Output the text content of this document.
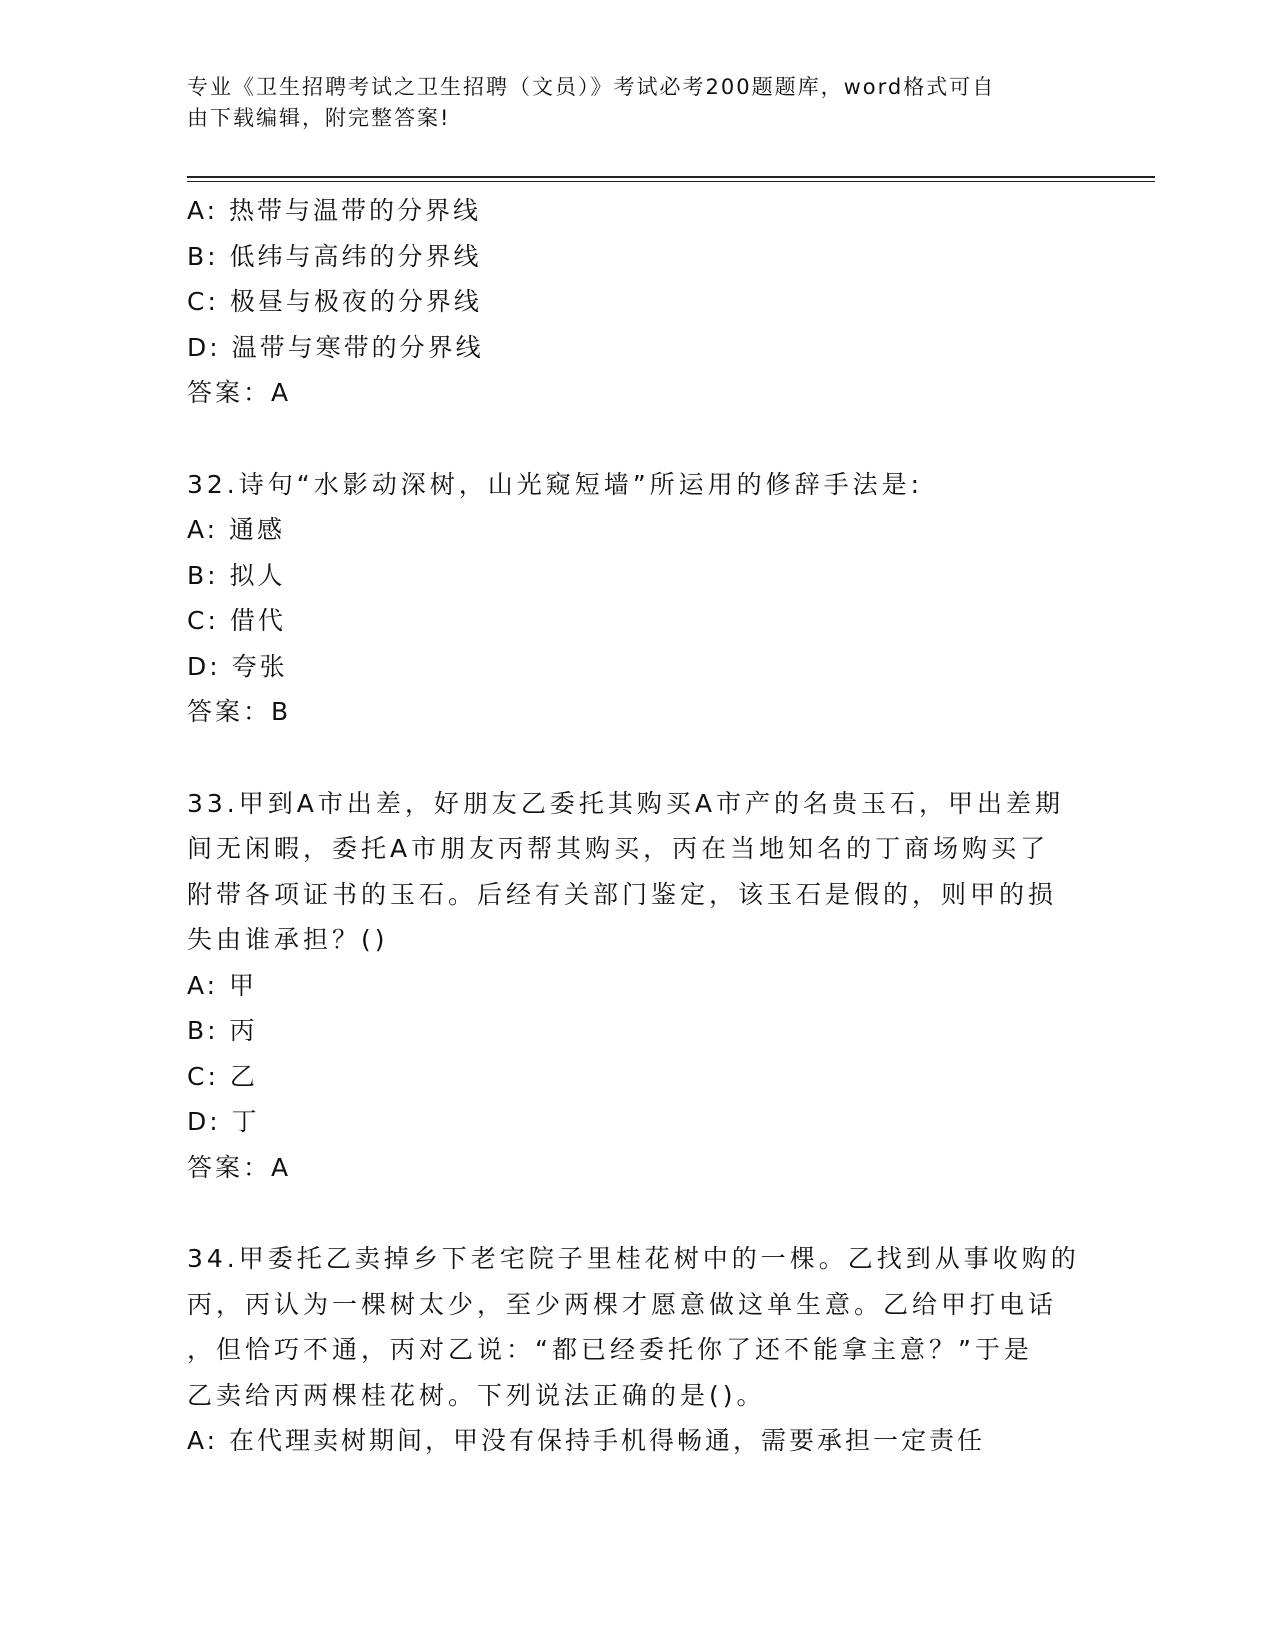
专业《卫生招聘考试之卫生招聘（文员）》考试必考200题题库，word格式可自
由下载编辑，附完整答案!
A: 热带与温带的分界线
B: 低纬与高纬的分界线
C: 极昼与极夜的分界线
D: 温带与寒带的分界线
答案：A
32.诗句“水影动深树，山光窥短墙”所运用的修辞手法是:
A: 通感
B: 拟人
C: 借代
D: 夸张
答案：B
33.甲到A市出差，好朋友乙委托其购买A市产的名贵玉石，甲出差期
间无闲暇，委托A市朋友丙帮其购买，丙在当地知名的丁商场购买了
附带各项证书的玉石。后经有关部门鉴定，该玉石是假的，则甲的损
失由谁承担？()
A: 甲
B: 丙
C: 乙
D: 丁
答案：A
34.甲委托乙卖掉乡下老宅院子里桂花树中的一棵。乙找到从事收购的
丙，丙认为一棵树太少，至少两棵才愿意做这单生意。乙给甲打电话
，但恰巧不通，丙对乙说：“都已经委托你了还不能拿主意？”于是
乙卖给丙两棵桂花树。下列说法正确的是()。
A: 在代理卖树期间，甲没有保持手机得畅通，需要承担一定责任
